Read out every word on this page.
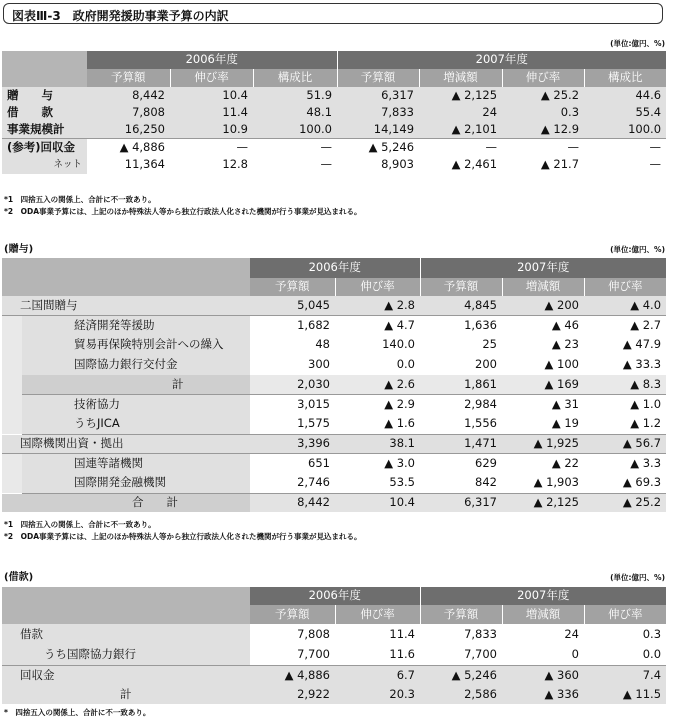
図表Ⅲ-3　政府開発援助事業予算の内訳
(単位:億円、%)
	2006年度			2007年度			
	予算額	伸び率	構成比	予算額	増減額	伸び率	構成比
贈　　与	8,442	10.4	51.9	6,317	▲ 2,125	▲ 25.2	44.6
借　　款	7,808	11.4	48.1	7,833	24	0.3	55.4
事業規模計	16,250	10.9	100.0	14,149	▲ 2,101	▲ 12.9	100.0
(参考)回収金	▲ 4,886	—	—	▲ 5,246	—	—	—
ネット	11,364	12.8	—	8,903	▲ 2,461	▲ 21.7	—
*1　四捨五入の関係上、合計に不一致あり。
*2　ODA事業予算には、上記のほか特殊法人等から独立行政法人化された機関が行う事業が見込まれる。
(贈与)	(単位:億円、%)
		2006年度		2007年度		
		予算額	伸び率	予算額	増減額	伸び率
二国間贈与		5,045	▲ 2.8	4,845	▲ 200	▲ 4.0
	経済開発等援助	1,682	▲ 4.7	1,636	▲ 46	▲ 2.7
	貿易再保険特別会計への繰入	48	140.0	25	▲ 23	▲ 47.9
	国際協力銀行交付金	300	0.0	200	▲ 100	▲ 33.3
	計	2,030	▲ 2.6	1,861	▲ 169	▲ 8.3
	技術協力	3,015	▲ 2.9	2,984	▲ 31	▲ 1.0
	うちJICA	1,575	▲ 1.6	1,556	▲ 19	▲ 1.2
国際機関出資・拠出		3,396	38.1	1,471	▲ 1,925	▲ 56.7
	国連等諸機関	651	▲ 3.0	629	▲ 22	▲ 3.3
	国際開発金融機関	2,746	53.5	842	▲ 1,903	▲ 69.3
合　　計		8,442	10.4	6,317	▲ 2,125	▲ 25.2
*1　四捨五入の関係上、合計に不一致あり。
*2　ODA事業予算には、上記のほか特殊法人等から独立行政法人化された機関が行う事業が見込まれる。
(借款)	(単位:億円、%)
		2006年度		2007年度		
		予算額	伸び率	予算額	増減額	伸び率
借款		7,808	11.4	7,833	24	0.3
	うち国際協力銀行	7,700	11.6	7,700	0	0.0
回収金		▲ 4,886	6.7	▲ 5,246	▲ 360	7.4
計		2,922	20.3	2,586	▲ 336	▲ 11.5
*　四捨五入の関係上、合計に不一致あり。
